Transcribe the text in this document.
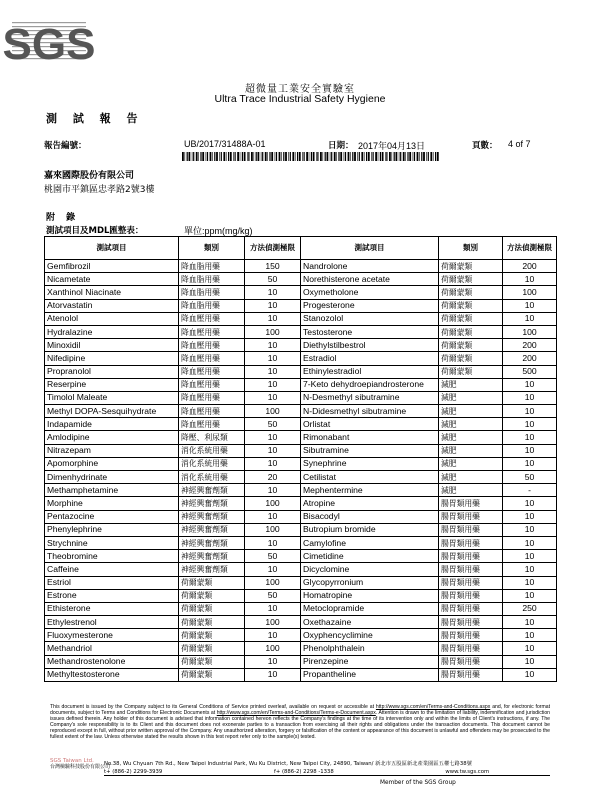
SGS
超微量工業安全實驗室
Ultra Trace Industrial Safety Hygiene
測 試 報 告
報告編號：	UB/2017/31488A-01	日期： 2017年04月13日	頁數： 4 of 7
嘉來國際股份有限公司
桃園市平鎮區忠孝路2號3樓
附 錄
測試項目及MDL匯整表：	單位:ppm(mg/kg)
測試項目	類別	方法偵測極限	測試項目	類別	方法偵測極限
Gemfibrozil	降血脂用藥	150	Nandrolone	荷爾蒙類	200
Nicametate	降血脂用藥	50	Norethisterone acetate	荷爾蒙類	10
Xanthinol Niacinate	降血脂用藥	10	Oxymetholone	荷爾蒙類	100
Atorvastatin	降血脂用藥	10	Progesterone	荷爾蒙類	10
Atenolol	降血壓用藥	10	Stanozolol	荷爾蒙類	10
Hydralazine	降血壓用藥	100	Testosterone	荷爾蒙類	100
Minoxidil	降血壓用藥	10	Diethylstilbestrol	荷爾蒙類	200
Nifedipine	降血壓用藥	10	Estradiol	荷爾蒙類	200
Propranolol	降血壓用藥	10	Ethinylestradiol	荷爾蒙類	500
Reserpine	降血壓用藥	10	7-Keto dehydroepiandrosterone	減肥	10
Timolol Maleate	降血壓用藥	10	N-Desmethyl sibutramine	減肥	10
Methyl DOPA-Sesquihydrate	降血壓用藥	100	N-Didesmethyl sibutramine	減肥	10
Indapamide	降血壓用藥	50	Orlistat	減肥	10
Amlodipine	降壓、利尿類	10	Rimonabant	減肥	10
Nitrazepam	消化系統用藥	10	Sibutramine	減肥	10
Apomorphine	消化系統用藥	10	Synephrine	減肥	10
Dimenhydrinate	消化系統用藥	20	Cetilistat	減肥	50
Methamphetamine	神經興奮劑類	10	Mephentermine	減肥	-
Morphine	神經興奮劑類	100	Atropine	腸胃類用藥	10
Pentazocine	神經興奮劑類	10	Bisacodyl	腸胃類用藥	10
Phenylephrine	神經興奮劑類	100	Butropium bromide	腸胃類用藥	10
Strychnine	神經興奮劑類	10	Camylofine	腸胃類用藥	10
Theobromine	神經興奮劑類	50	Cimetidine	腸胃類用藥	10
Caffeine	神經興奮劑類	10	Dicyclomine	腸胃類用藥	10
Estriol	荷爾蒙類	100	Glycopyrronium	腸胃類用藥	10
Estrone	荷爾蒙類	50	Homatropine	腸胃類用藥	10
Ethisterone	荷爾蒙類	10	Metoclopramide	腸胃類用藥	250
Ethylestrenol	荷爾蒙類	100	Oxethazaine	腸胃類用藥	10
Fluoxymesterone	荷爾蒙類	10	Oxyphencyclimine	腸胃類用藥	10
Methandriol	荷爾蒙類	100	Phenolphthalein	腸胃類用藥	10
Methandrostenolone	荷爾蒙類	10	Pirenzepine	腸胃類用藥	10
Methyltestosterone	荷爾蒙類	10	Propantheline	腸胃類用藥	10
This document is issued by the Company subject to its General Conditions of Service printed overleaf, available on request or accessible at http://www.sgs.com/en/Terms-and-Conditions.aspx and, for electronic format documents, subject to Terms and Conditions for Electronic Documents at http://www.sgs.com/en/Terms-and-Conditions/Terms-e-Document.aspx. Attention is drawn to the limitation of liability, indemnification and jurisdiction issues defined therein. Any holder of this document is advised that information contained hereon reflects the Company's findings at the time of its intervention only and within the limits of Client's instructions, if any. The Company's sole responsibility is to its Client and this document does not exonerate parties to a transaction from exercising all their rights and obligations under the transaction documents. This document cannot be reproduced except in full, without prior written approval of the Company. Any unauthorized alteration, forgery or falsification of the content or appearance of this document is unlawful and offenders may be prosecuted to the fullest extent of the law. Unless otherwise stated the results shown in this test report refer only to the sample(s) tested.
SGS Taiwan Ltd.
台灣檢驗科技股份有限公司
No.38, Wu Chyuan 7th Rd., New Taipei Industrial Park, Wu Ku District, New Taipei City, 24890, Taiwan/ 新北市五股區新北產業園區五權七路38號
t+ (886-2) 2299-3939	f+ (886-2) 2298 -1338	www.tw.sgs.com
Member of the SGS Group
